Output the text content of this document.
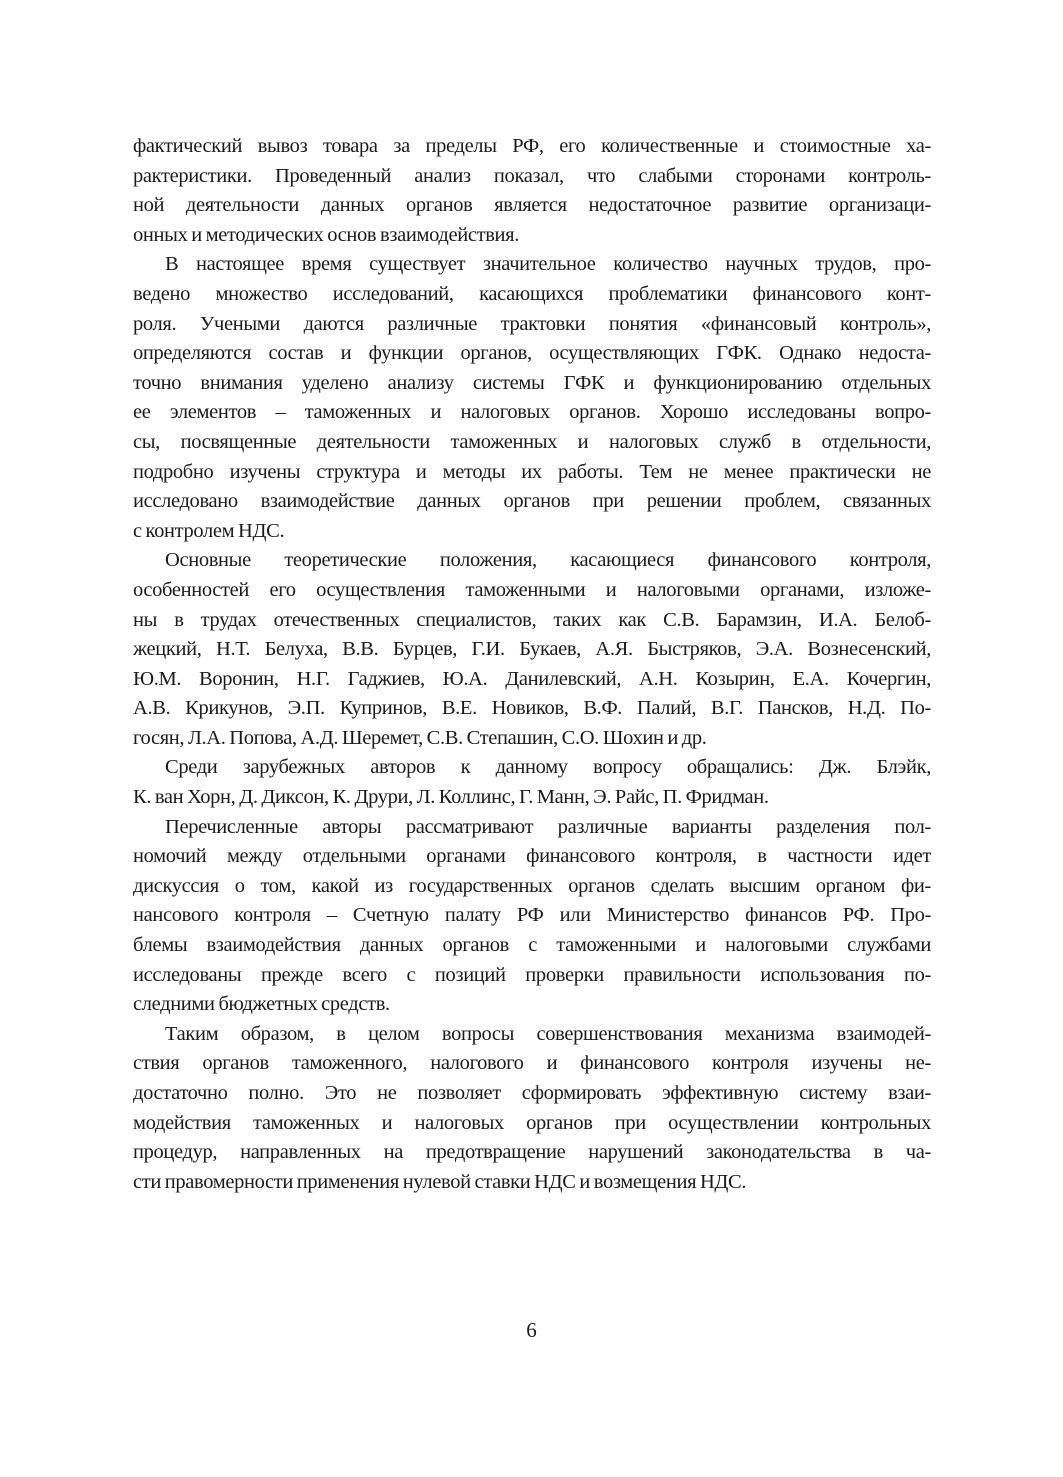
фактический вывоз товара за пределы РФ, его количественные и стоимостные ха-
рактеристики. Проведенный анализ показал, что слабыми сторонами контроль-
ной деятельности данных органов является недостаточное развитие организаци-
онных и методических основ взаимодействия.
В настоящее время существует значительное количество научных трудов, про-
ведено множество исследований, касающихся проблематики финансового конт-
роля. Учеными даются различные трактовки понятия «финансовый контроль»,
определяются состав и функции органов, осуществляющих ГФК. Однако недоста-
точно внимания уделено анализу системы ГФК и функционированию отдельных
ее элементов – таможенных и налоговых органов. Хорошо исследованы вопро-
сы, посвященные деятельности таможенных и налоговых служб в отдельности,
подробно изучены структура и методы их работы. Тем не менее практически не
исследовано взаимодействие данных органов при решении проблем, связанных
с контролем НДС.
Основные теоретические положения, касающиеся финансового контроля,
особенностей его осуществления таможенными и налоговыми органами, изложе-
ны в трудах отечественных специалистов, таких как С.В. Барамзин, И.А. Белоб-
жецкий, Н.Т. Белуха, В.В. Бурцев, Г.И. Букаев, А.Я. Быстряков, Э.А. Вознесенский,
Ю.М. Воронин, Н.Г. Гаджиев, Ю.А. Данилевский, А.Н. Козырин, Е.А. Кочергин,
А.В. Крикунов, Э.П. Купринов, В.Е. Новиков, В.Ф. Палий, В.Г. Пансков, Н.Д. По-
госян, Л.А. Попова, А.Д. Шеремет, С.В. Степашин, С.О. Шохин и др.
Среди зарубежных авторов к данному вопросу обращались: Дж. Блэйк,
К. ван Хорн, Д. Диксон, К. Друри, Л. Коллинс, Г. Манн, Э. Райс, П. Фридман.
Перечисленные авторы рассматривают различные варианты разделения пол-
номочий между отдельными органами финансового контроля, в частности идет
дискуссия о том, какой из государственных органов сделать высшим органом фи-
нансового контроля – Счетную палату РФ или Министерство финансов РФ. Про-
блемы взаимодействия данных органов с таможенными и налоговыми службами
исследованы прежде всего с позиций проверки правильности использования по-
следними бюджетных средств.
Таким образом, в целом вопросы совершенствования механизма взаимодей-
ствия органов таможенного, налогового и финансового контроля изучены не-
достаточно полно. Это не позволяет сформировать эффективную систему взаи-
модействия таможенных и налоговых органов при осуществлении контрольных
процедур, направленных на предотвращение нарушений законодательства в ча-
сти правомерности применения нулевой ставки НДС и возмещения НДС.
6
